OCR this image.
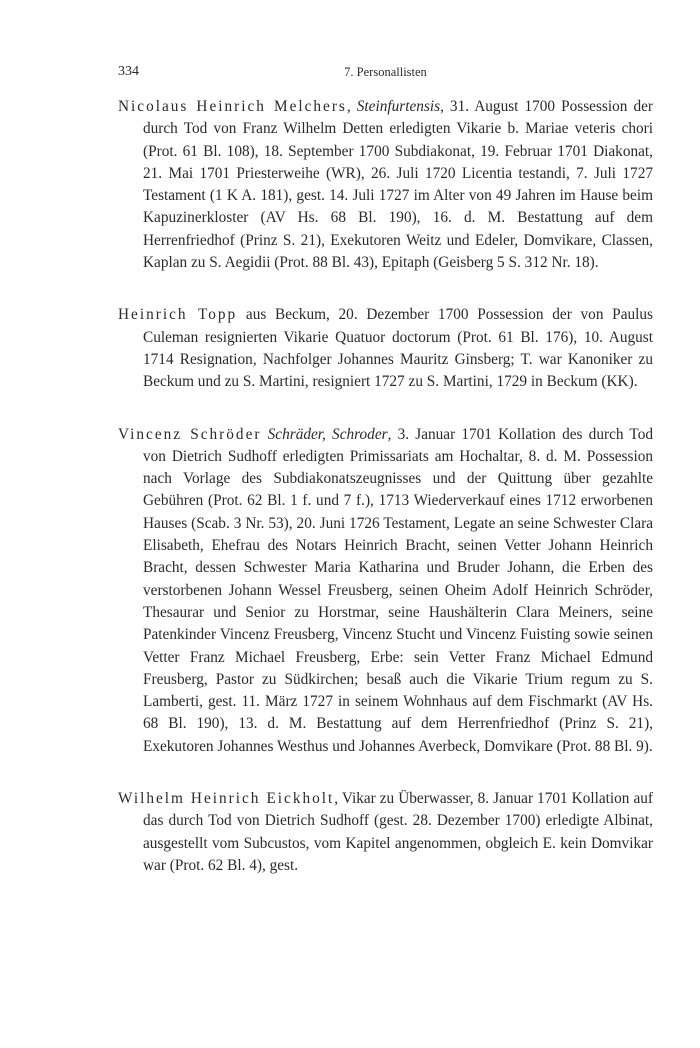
334	7. Personallisten

Nicolaus Heinrich Melchers, Steinfurtensis, 31. August 1700 Possession der durch Tod von Franz Wilhelm Detten erledigten Vikarie b. Mariae veteris chori (Prot. 61 Bl. 108), 18. September 1700 Subdiakonat, 19. Februar 1701 Diakonat, 21. Mai 1701 Priesterweihe (WR), 26. Juli 1720 Licentia testandi, 7. Juli 1727 Testament (1 K A. 181), gest. 14. Juli 1727 im Alter von 49 Jahren im Hause beim Kapuzinerkloster (AV Hs. 68 Bl. 190), 16. d. M. Bestattung auf dem Herrenfriedhof (Prinz S. 21), Exekutoren Weitz und Edeler, Domvikare, Classen, Kaplan zu S. Aegidii (Prot. 88 Bl. 43), Epitaph (Geisberg 5 S. 312 Nr. 18).

Heinrich Topp aus Beckum, 20. Dezember 1700 Possession der von Paulus Culeman resignierten Vikarie Quatuor doctorum (Prot. 61 Bl. 176), 10. August 1714 Resignation, Nachfolger Johannes Mauritz Ginsberg; T. war Kanoniker zu Beckum und zu S. Martini, resigniert 1727 zu S. Martini, 1729 in Beckum (KK).

Vincenz Schröder Schräder, Schroder, 3. Januar 1701 Kollation des durch Tod von Dietrich Sudhoff erledigten Primissariats am Hochaltar, 8. d. M. Possession nach Vorlage des Subdiakonatszeugnisses und der Quittung über gezahlte Gebühren (Prot. 62 Bl. 1 f. und 7 f.), 1713 Wiederverkauf eines 1712 erworbenen Hauses (Scab. 3 Nr. 53), 20. Juni 1726 Testament, Legate an seine Schwester Clara Elisabeth, Ehefrau des Notars Heinrich Bracht, seinen Vetter Johann Heinrich Bracht, dessen Schwester Maria Katharina und Bruder Johann, die Erben des verstorbenen Johann Wessel Freusberg, seinen Oheim Adolf Heinrich Schröder, Thesaurar und Senior zu Horstmar, seine Haushälterin Clara Meiners, seine Patenkinder Vincenz Freusberg, Vincenz Stucht und Vincenz Fuisting sowie seinen Vetter Franz Michael Freusberg, Erbe: sein Vetter Franz Michael Edmund Freusberg, Pastor zu Südkirchen; besaß auch die Vikarie Trium regum zu S. Lamberti, gest. 11. März 1727 in seinem Wohnhaus auf dem Fischmarkt (AV Hs. 68 Bl. 190), 13. d. M. Bestattung auf dem Herrenfriedhof (Prinz S. 21), Exekutoren Johannes Westhus und Johannes Averbeck, Domvikare (Prot. 88 Bl. 9).

Wilhelm Heinrich Eickholt, Vikar zu Überwasser, 8. Januar 1701 Kollation auf das durch Tod von Dietrich Sudhoff (gest. 28. Dezember 1700) erledigte Albinat, ausgestellt vom Subcustos, vom Kapitel angenommen, obgleich E. kein Domvikar war (Prot. 62 Bl. 4), gest.
